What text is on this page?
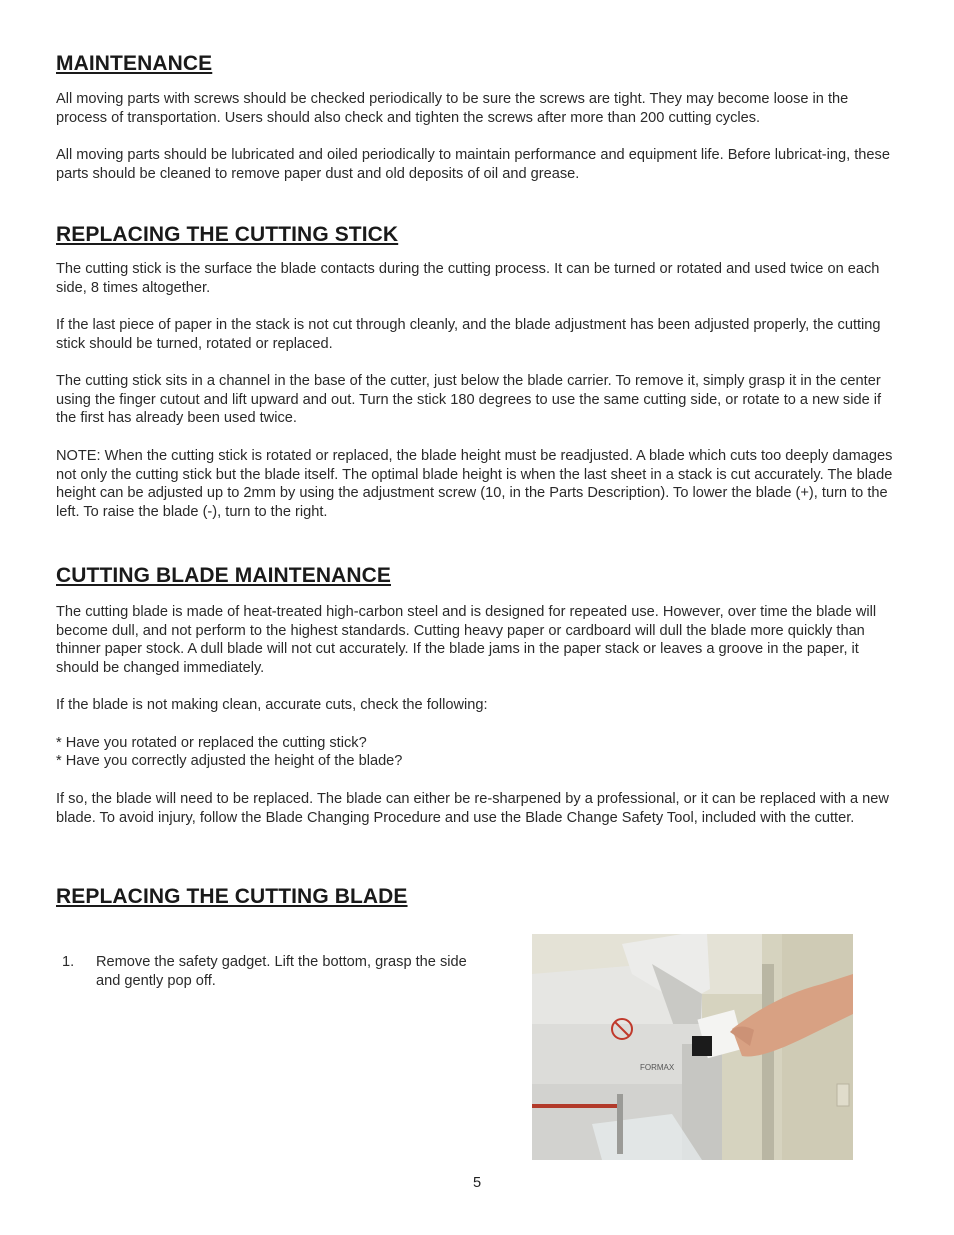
MAINTENANCE

All moving parts with screws should be checked periodically to be sure the screws are tight. They may become loose in the process of transportation. Users should also check and tighten the screws after more than 200 cutting cycles.

All moving parts should be lubricated and oiled periodically to maintain performance and equipment life. Before lubricat-ing, these parts should be cleaned to remove paper dust and old deposits of oil and grease.

REPLACING THE CUTTING STICK

The cutting stick is the surface the blade contacts during the cutting process. It can be turned or rotated and used twice on each side, 8 times altogether.

If the last piece of paper in the stack is not cut through cleanly, and the blade adjustment has been adjusted properly, the cutting stick should be turned, rotated or replaced.

The cutting stick sits in a channel in the base of the cutter, just below the blade carrier. To remove it, simply grasp it in the center using the finger cutout and lift upward and out. Turn the stick 180 degrees to use the same cutting side, or rotate to a new side if the first has already been used twice.

NOTE: When the cutting stick is rotated or replaced, the blade height must be readjusted. A blade which cuts too deeply damages not only the cutting stick but the blade itself. The optimal blade height is when the last sheet in a stack is cut accurately. The blade height can be adjusted up to 2mm by using the adjustment screw (10, in the Parts Description). To lower the blade (+), turn to the left. To raise the blade (-), turn to the right.

CUTTING BLADE MAINTENANCE

The cutting blade is made of heat-treated high-carbon steel and is designed for repeated use. However, over time the blade will become dull, and not perform to the highest standards. Cutting heavy paper or cardboard will dull the blade more quickly than thinner paper stock. A dull blade will not cut accurately. If the blade jams in the paper stack or leaves a groove in the paper, it should be changed immediately.

If the blade is not making clean, accurate cuts, check the following:

* Have you rotated or replaced the cutting stick?

* Have you correctly adjusted the height of the blade?

If so, the blade will need to be replaced. The blade can either be re-sharpened by a professional, or it can be replaced with a new blade. To avoid injury, follow the Blade Changing Procedure and use the Blade Change Safety Tool, included with the cutter.

REPLACING THE CUTTING BLADE
1. Remove the safety gadget. Lift the bottom, grasp the side and gently pop off.
FORMAX
5
